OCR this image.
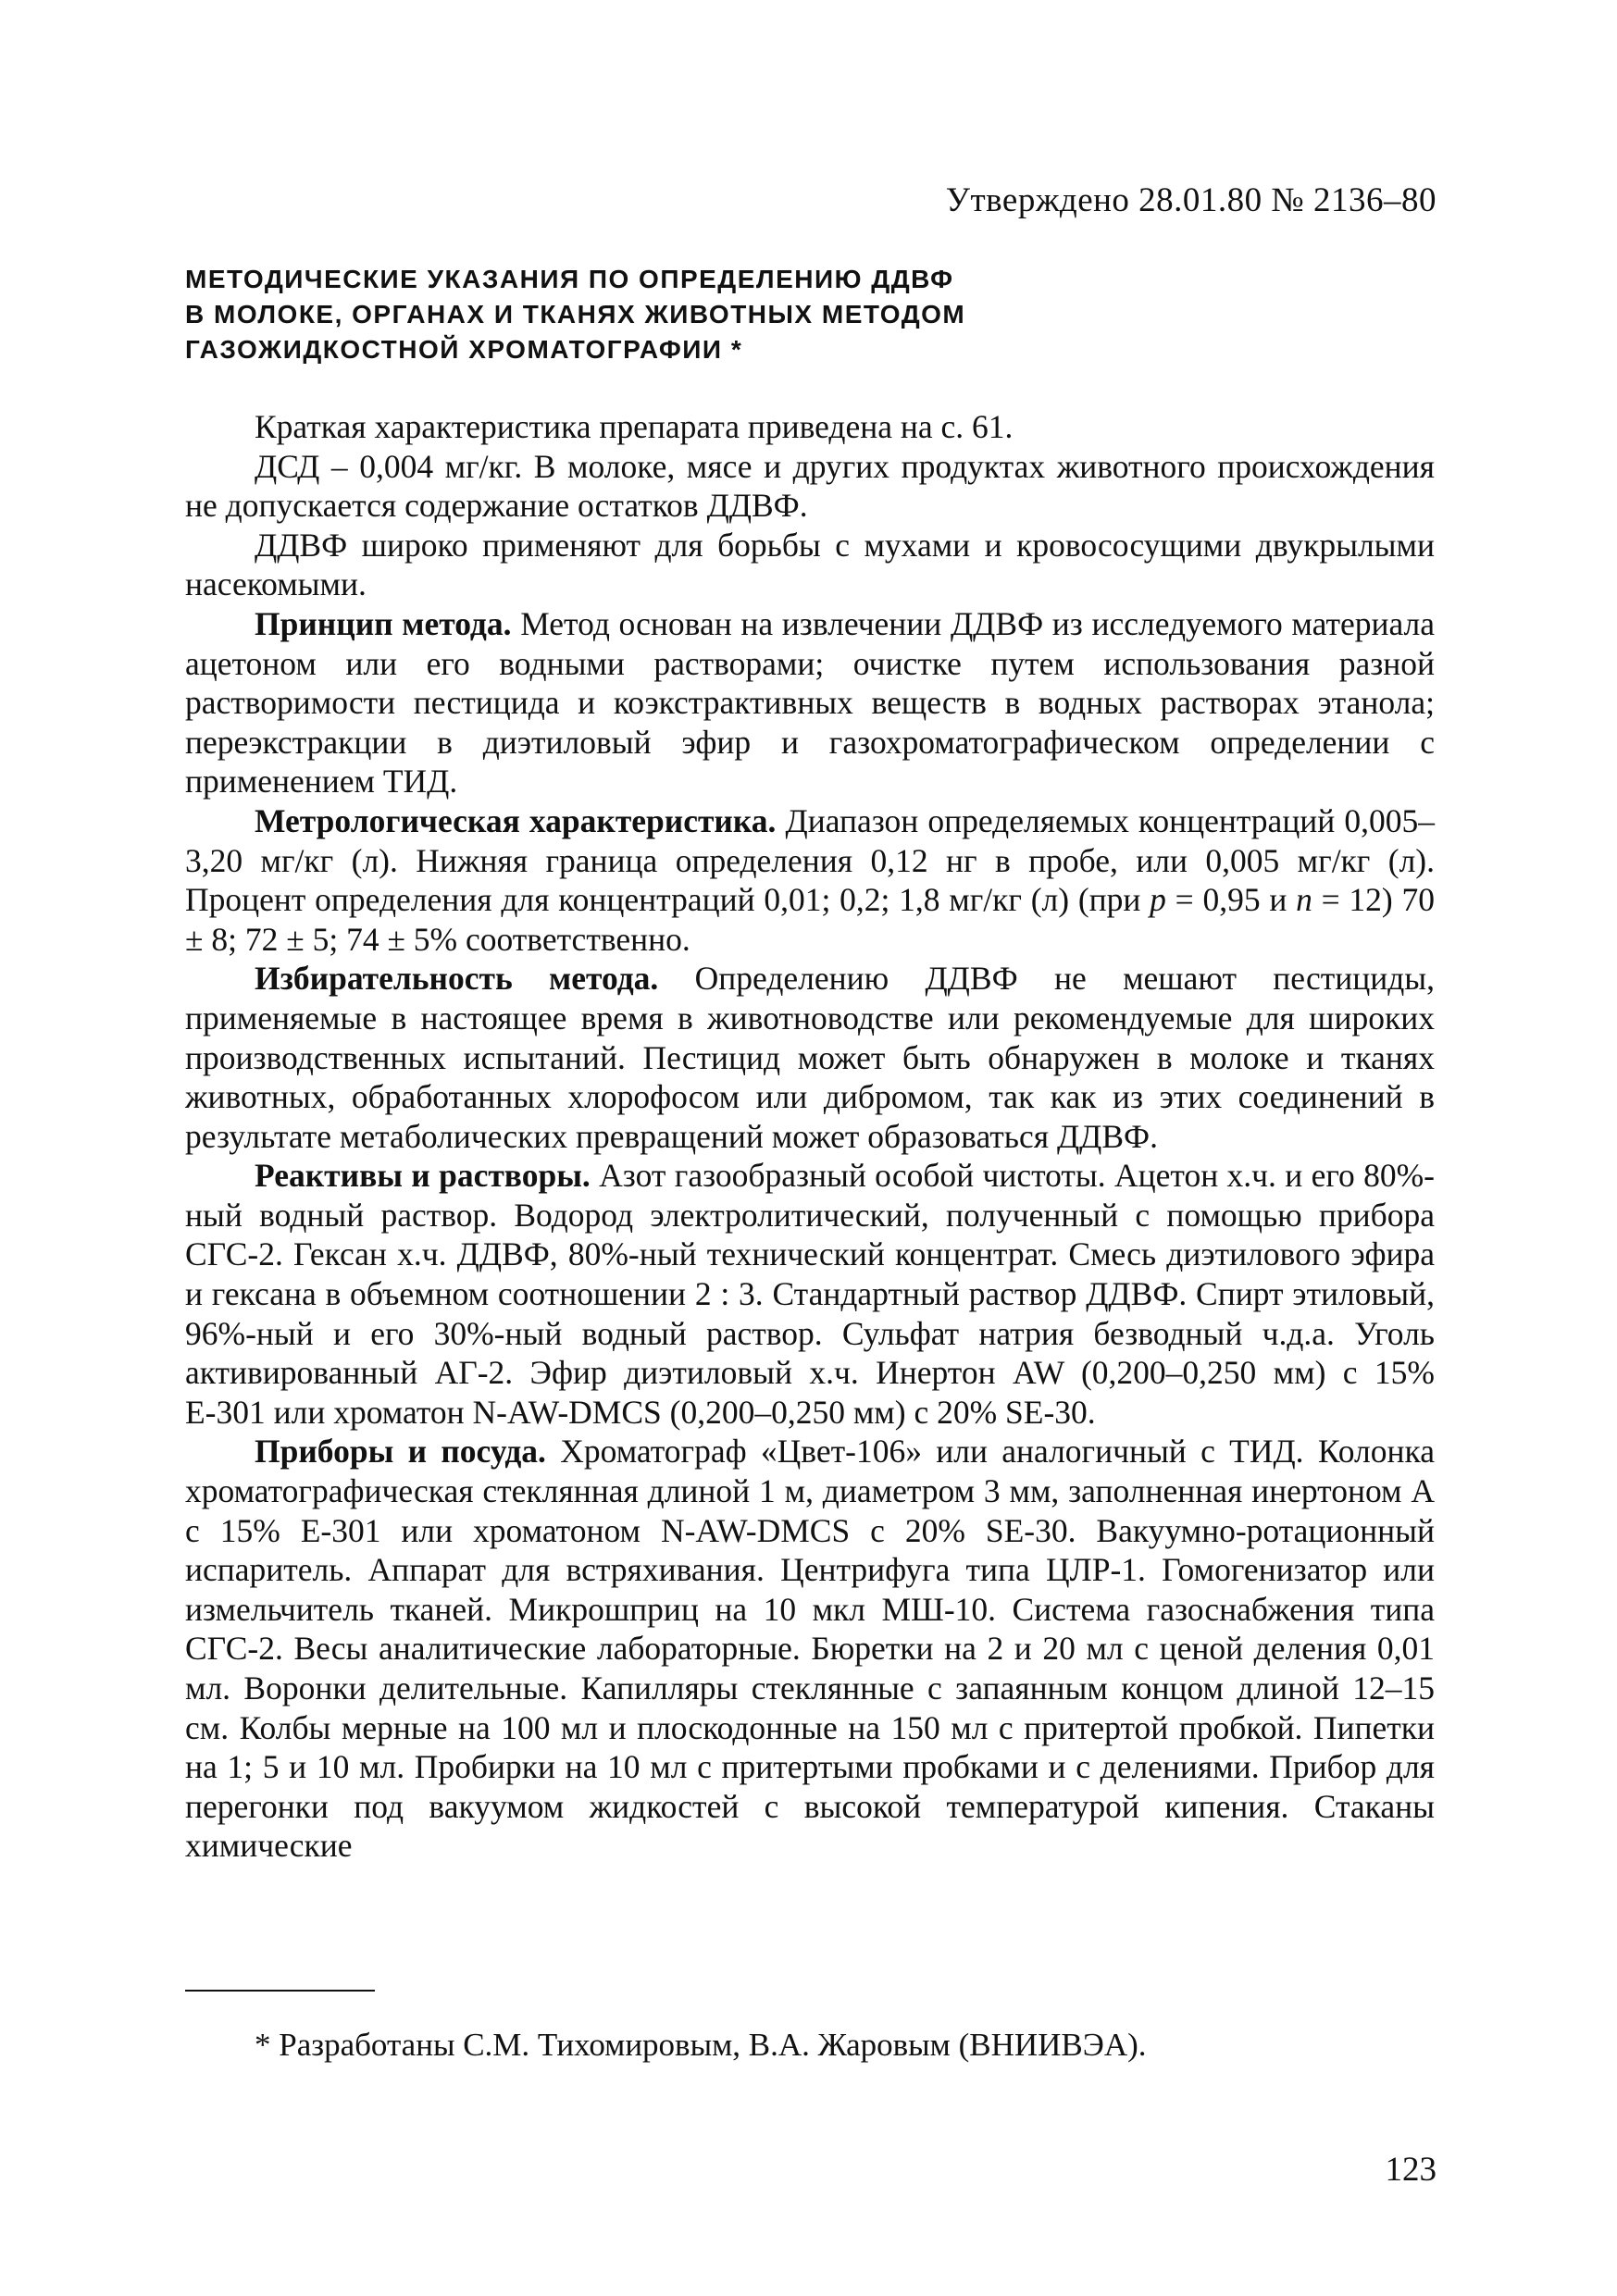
Утверждено 28.01.80 № 2136–80
МЕТОДИЧЕСКИЕ УКАЗАНИЯ ПО ОПРЕДЕЛЕНИЮ ДДВФ
В МОЛОКЕ, ОРГАНАХ И ТКАНЯХ ЖИВОТНЫХ МЕТОДОМ
ГАЗОЖИДКОСТНОЙ ХРОМАТОГРАФИИ *

Краткая характеристика препарата приведена на с. 61.

ДСД – 0,004 мг/кг. В молоке, мясе и других продуктах животного происхождения не допускается содержание остатков ДДВФ.

ДДВФ широко применяют для борьбы с мухами и кровососущими двукрылыми насекомыми.

Принцип метода. Метод основан на извлечении ДДВФ из исследуемого материала ацетоном или его водными растворами; очистке путем использования разной растворимости пестицида и коэкстрактивных веществ в водных растворах этанола; переэкстракции в диэтиловый эфир и газохроматографическом определении с применением ТИД.

Метрологическая характеристика. Диапазон определяемых концентраций 0,005–3,20 мг/кг (л). Нижняя граница определения 0,12 нг в пробе, или 0,005 мг/кг (л). Процент определения для концентраций 0,01; 0,2; 1,8 мг/кг (л) (при p = 0,95 и n = 12) 70 ± 8; 72 ± 5; 74 ± 5% соответственно.

Избирательность метода. Определению ДДВФ не мешают пестициды, применяемые в настоящее время в животноводстве или рекомендуемые для широких производственных испытаний. Пестицид может быть обнаружен в молоке и тканях животных, обработанных хлорофосом или дибромом, так как из этих соединений в результате метаболических превращений может образоваться ДДВФ.

Реактивы и растворы. Азот газообразный особой чистоты. Ацетон х.ч. и его 80%-ный водный раствор. Водород электролитический, полученный с помощью прибора СГС-2. Гексан х.ч. ДДВФ, 80%-ный технический концентрат. Смесь диэтилового эфира и гексана в объемном соотношении 2 : 3. Стандартный раствор ДДВФ. Спирт этиловый, 96%-ный и его 30%-ный водный раствор. Сульфат натрия безводный ч.д.а. Уголь активированный АГ-2. Эфир диэтиловый х.ч. Инертон AW (0,200–0,250 мм) с 15% Е-301 или хроматон N-AW-DMCS (0,200–0,250 мм) с 20% SE-30.

Приборы и посуда. Хроматограф «Цвет-106» или аналогичный с ТИД. Колонка хроматографическая стеклянная длиной 1 м, диаметром 3 мм, заполненная инертоном А с 15% Е-301 или хроматоном N-AW-DMCS с 20% SE-30. Вакуумно-ротационный испаритель. Аппарат для встряхивания. Центрифуга типа ЦЛР-1. Гомогенизатор или измельчитель тканей. Микрошприц на 10 мкл МШ-10. Система газоснабжения типа СГС-2. Весы аналитические лабораторные. Бюретки на 2 и 20 мл с ценой деления 0,01 мл. Воронки делительные. Капилляры стеклянные с запаянным концом длиной 12–15 см. Колбы мерные на 100 мл и плоскодонные на 150 мл с притертой пробкой. Пипетки на 1; 5 и 10 мл. Пробирки на 10 мл с притертыми пробками и с делениями. Прибор для перегонки под вакуумом жидкостей с высокой температурой кипения. Стаканы химические

* Разработаны С.М. Тихомировым, В.А. Жаровым (ВНИИВЭА).
123
